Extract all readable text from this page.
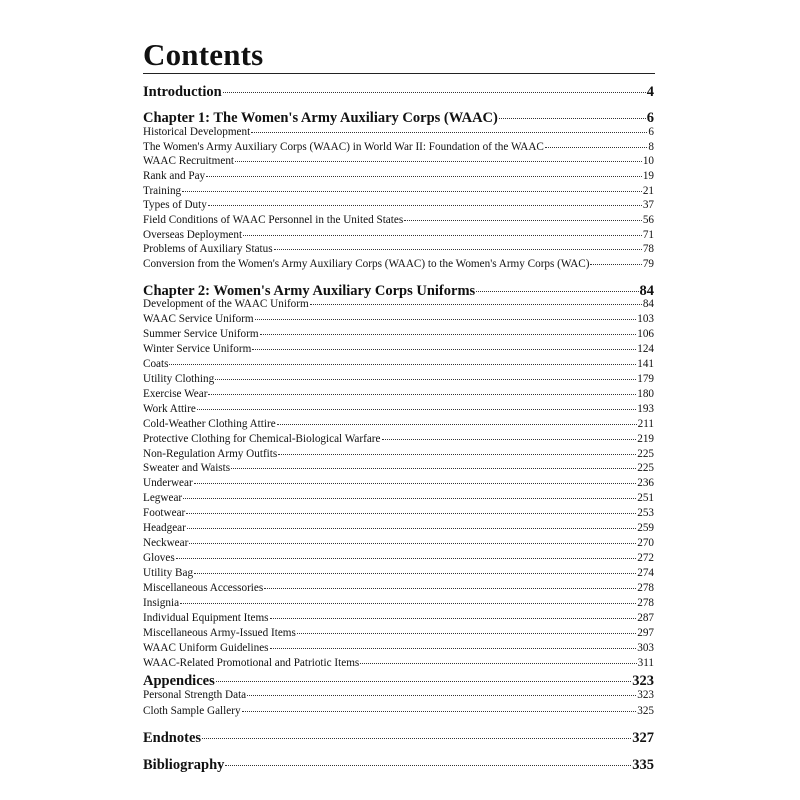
Contents
Introduction	4
Chapter 1: The Women's Army Auxiliary Corps (WAAC)	6
Historical Development	6
The Women's Army Auxiliary Corps (WAAC) in World War II: Foundation of the WAAC	8
WAAC Recruitment	10
Rank and Pay	19
Training	21
Types of Duty	37
Field Conditions of WAAC Personnel in the United States	56
Overseas Deployment	71
Problems of Auxiliary Status	78
Conversion from the Women's Army Auxiliary Corps (WAAC) to the Women's Army Corps (WAC)	79
Chapter 2: Women's Army Auxiliary Corps Uniforms	84
Development of the WAAC Uniform	84
WAAC Service Uniform	103
Summer Service Uniform	106
Winter Service Uniform	124
Coats	141
Utility Clothing	179
Exercise Wear	180
Work Attire	193
Cold-Weather Clothing Attire	211
Protective Clothing for Chemical-Biological Warfare	219
Non-Regulation Army Outfits	225
Sweater and Waists	225
Underwear	236
Legwear	251
Footwear	253
Headgear	259
Neckwear	270
Gloves	272
Utility Bag	274
Miscellaneous Accessories	278
Insignia	278
Individual Equipment Items	287
Miscellaneous Army-Issued Items	297
WAAC Uniform Guidelines	303
WAAC-Related Promotional and Patriotic Items	311
Appendices	323
Personal Strength Data	323
Cloth Sample Gallery	325
Endnotes	327
Bibliography	335
